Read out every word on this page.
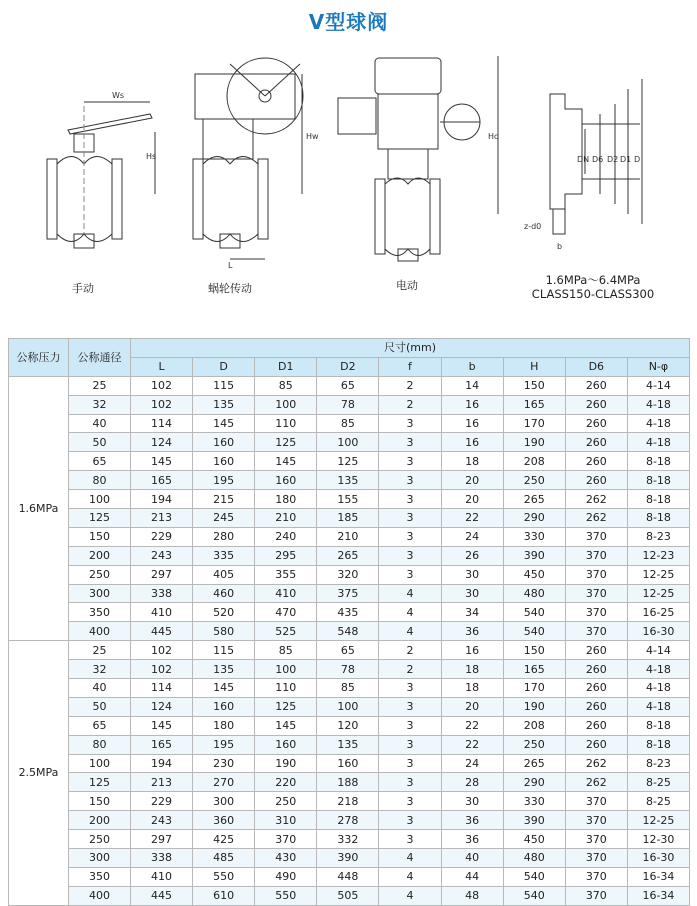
V型球阀
Ws
Hs
Hw	Hd
L
DN D6 D2 D1 D
z-d0
b
手动	蜗轮传动	电动	1.6MPa～6.4MPa
CLASS150-CLASS300
公称压力	公称通径	尺寸(mm)								
		L	D	D1	D2	f	b	H	D6	N-φ
1.6MPa	25	102	115	85	65	2	14	150	260	4-14
	32	102	135	100	78	2	16	165	260	4-18
	40	114	145	110	85	3	16	170	260	4-18
	50	124	160	125	100	3	16	190	260	4-18
	65	145	160	145	125	3	18	208	260	8-18
	80	165	195	160	135	3	20	250	260	8-18
	100	194	215	180	155	3	20	265	262	8-18
	125	213	245	210	185	3	22	290	262	8-18
	150	229	280	240	210	3	24	330	370	8-23
	200	243	335	295	265	3	26	390	370	12-23
	250	297	405	355	320	3	30	450	370	12-25
	300	338	460	410	375	4	30	480	370	12-25
	350	410	520	470	435	4	34	540	370	16-25
	400	445	580	525	548	4	36	540	370	16-30
2.5MPa	25	102	115	85	65	2	16	150	260	4-14
	32	102	135	100	78	2	18	165	260	4-18
	40	114	145	110	85	3	18	170	260	4-18
	50	124	160	125	100	3	20	190	260	4-18
	65	145	180	145	120	3	22	208	260	8-18
	80	165	195	160	135	3	22	250	260	8-18
	100	194	230	190	160	3	24	265	262	8-23
	125	213	270	220	188	3	28	290	262	8-25
	150	229	300	250	218	3	30	330	370	8-25
	200	243	360	310	278	3	36	390	370	12-25
	250	297	425	370	332	3	36	450	370	12-30
	300	338	485	430	390	4	40	480	370	16-30
	350	410	550	490	448	4	44	540	370	16-34
	400	445	610	550	505	4	48	540	370	16-34
